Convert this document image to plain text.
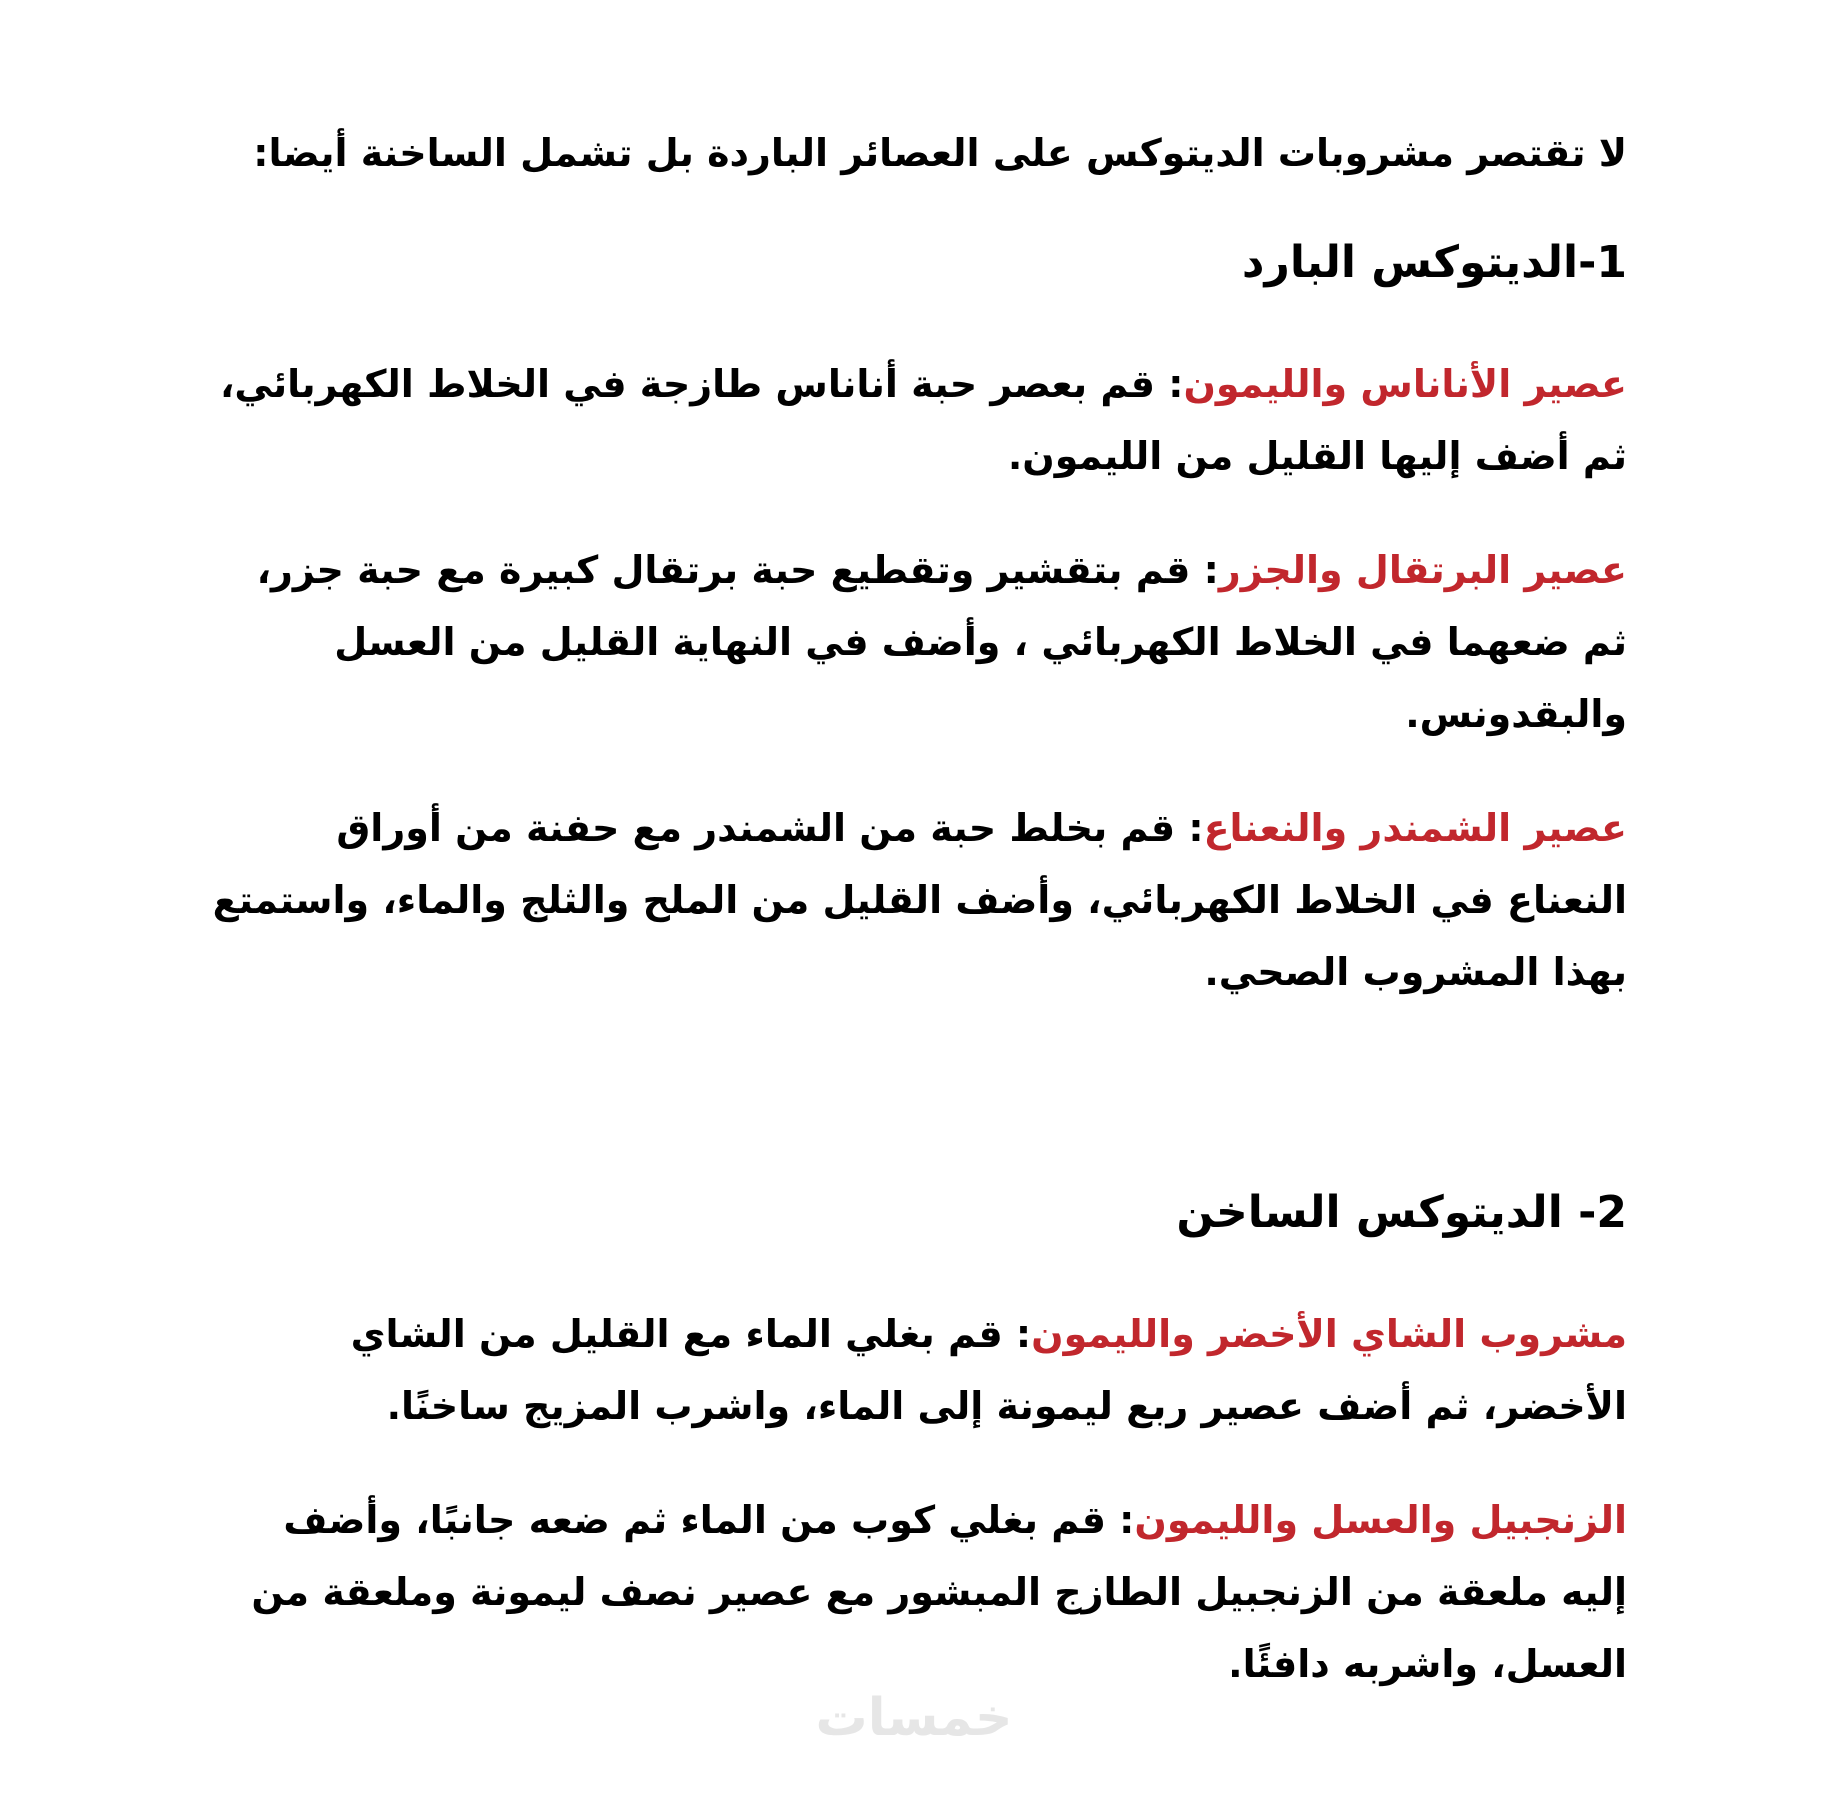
لا تقتصر مشروبات الديتوكس على العصائر الباردة بل تشمل الساخنة أيضا:

1-الديتوكس البارد

عصير الأناناس والليمون: قم بعصر حبة أناناس طازجة في الخلاط الكهربائي، ثم أضف إليها القليل من الليمون.

عصير البرتقال والجزر: قم بتقشير وتقطيع حبة برتقال كبيرة مع حبة جزر، ثم ضعهما في الخلاط الكهربائي ، وأضف في النهاية القليل من العسل والبقدونس.

عصير الشمندر والنعناع: قم بخلط حبة من الشمندر مع حفنة من أوراق النعناع في الخلاط الكهربائي، وأضف القليل من الملح والثلج والماء، واستمتع بهذا المشروب الصحي.

2- الديتوكس الساخن

مشروب الشاي الأخضر والليمون: قم بغلي الماء مع القليل من الشاي الأخضر، ثم أضف عصير ربع ليمونة إلى الماء، واشرب المزيج ساخنًا.

الزنجبيل والعسل والليمون: قم بغلي كوب من الماء ثم ضعه جانبًا، وأضف إليه ملعقة من الزنجبيل الطازج المبشور مع عصير نصف ليمونة وملعقة من العسل، واشربه دافئًا.

خمسات
